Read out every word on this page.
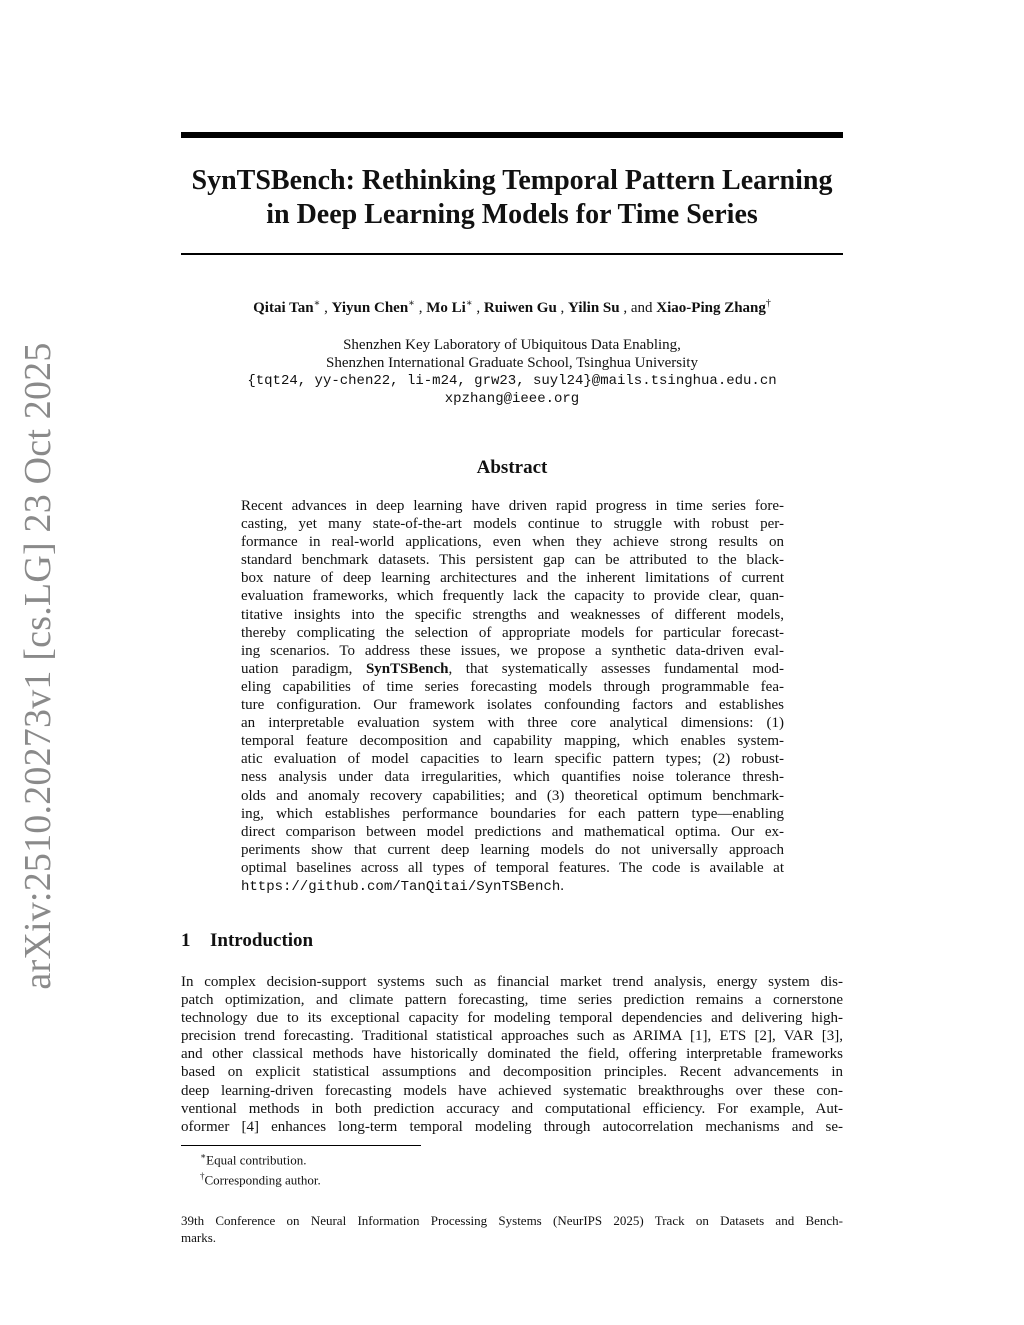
arXiv:2510.20273v1 [cs.LG] 23 Oct 2025
SynTSBench: Rethinking Temporal Pattern Learning
in Deep Learning Models for Time Series
Qitai Tan∗ , Yiyun Chen∗ , Mo Li∗ , Ruiwen Gu , Yilin Su , and Xiao-Ping Zhang†
Shenzhen Key Laboratory of Ubiquitous Data Enabling,
Shenzhen International Graduate School, Tsinghua University
{tqt24, yy-chen22, li-m24, grw23, suyl24}@mails.tsinghua.edu.cn
xpzhang@ieee.org
Abstract
Recent advances in deep learning have driven rapid progress in time series fore-
casting, yet many state-of-the-art models continue to struggle with robust per-
formance in real-world applications, even when they achieve strong results on
standard benchmark datasets. This persistent gap can be attributed to the black-
box nature of deep learning architectures and the inherent limitations of current
evaluation frameworks, which frequently lack the capacity to provide clear, quan-
titative insights into the specific strengths and weaknesses of different models,
thereby complicating the selection of appropriate models for particular forecast-
ing scenarios. To address these issues, we propose a synthetic data-driven eval-
uation paradigm, SynTSBench, that systematically assesses fundamental mod-
eling capabilities of time series forecasting models through programmable fea-
ture configuration. Our framework isolates confounding factors and establishes
an interpretable evaluation system with three core analytical dimensions: (1)
temporal feature decomposition and capability mapping, which enables system-
atic evaluation of model capacities to learn specific pattern types; (2) robust-
ness analysis under data irregularities, which quantifies noise tolerance thresh-
olds and anomaly recovery capabilities; and (3) theoretical optimum benchmark-
ing, which establishes performance boundaries for each pattern type—enabling
direct comparison between model predictions and mathematical optima. Our ex-
periments show that current deep learning models do not universally approach
optimal baselines across all types of temporal features. The code is available at
https://github.com/TanQitai/SynTSBench.
1 Introduction
In complex decision-support systems such as financial market trend analysis, energy system dis-
patch optimization, and climate pattern forecasting, time series prediction remains a cornerstone
technology due to its exceptional capacity for modeling temporal dependencies and delivering high-
precision trend forecasting. Traditional statistical approaches such as ARIMA [1], ETS [2], VAR [3],
and other classical methods have historically dominated the field, offering interpretable frameworks
based on explicit statistical assumptions and decomposition principles. Recent advancements in
deep learning-driven forecasting models have achieved systematic breakthroughs over these con-
ventional methods in both prediction accuracy and computational efficiency. For example, Aut-
oformer [4] enhances long-term temporal modeling through autocorrelation mechanisms and se-
∗Equal contribution.
†Corresponding author.
39th Conference on Neural Information Processing Systems (NeurIPS 2025) Track on Datasets and Bench-
marks.
